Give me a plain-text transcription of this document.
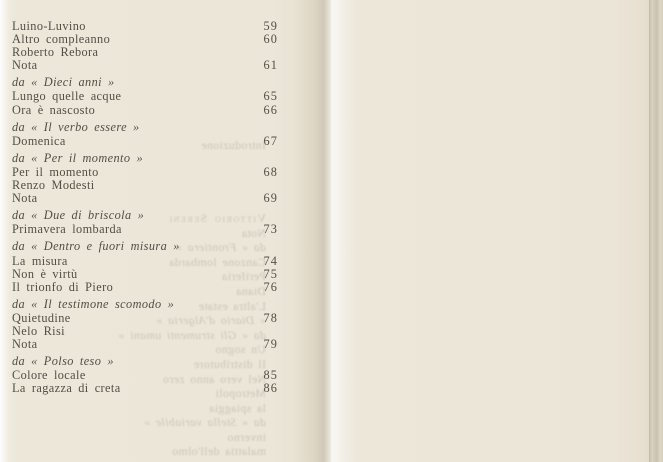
Introduzione

Vittorio Sereni
Nota
da « Frontiera »
Canzone lombarda
Periferia
Diana
L'altra estate
« Diario d'Algeria »
da « Gli strumenti umani »
Un sogno
Il distributore
Nel vero anno zero
Metropoli
la spiaggia
da « Stella variabile »
inverno
malattia dell'olmo
Luino-Luvino	59
Altro compleanno	60
Roberto Rebora
Nota	61
da « Dieci anni »
Lungo quelle acque	65
Ora è nascosto	66
da « Il verbo essere »
Domenica	67
da « Per il momento »
Per il momento	68
Renzo Modesti
Nota	69
da « Due di briscola »
Primavera lombarda	73
da « Dentro e fuori misura »
La misura	74
Non è virtù	75
Il trionfo di Piero	76
da « Il testimone scomodo »
Quietudine	78
Nelo Risi
Nota	79
da « Polso teso »
Colore locale	85
La ragazza di creta	86
